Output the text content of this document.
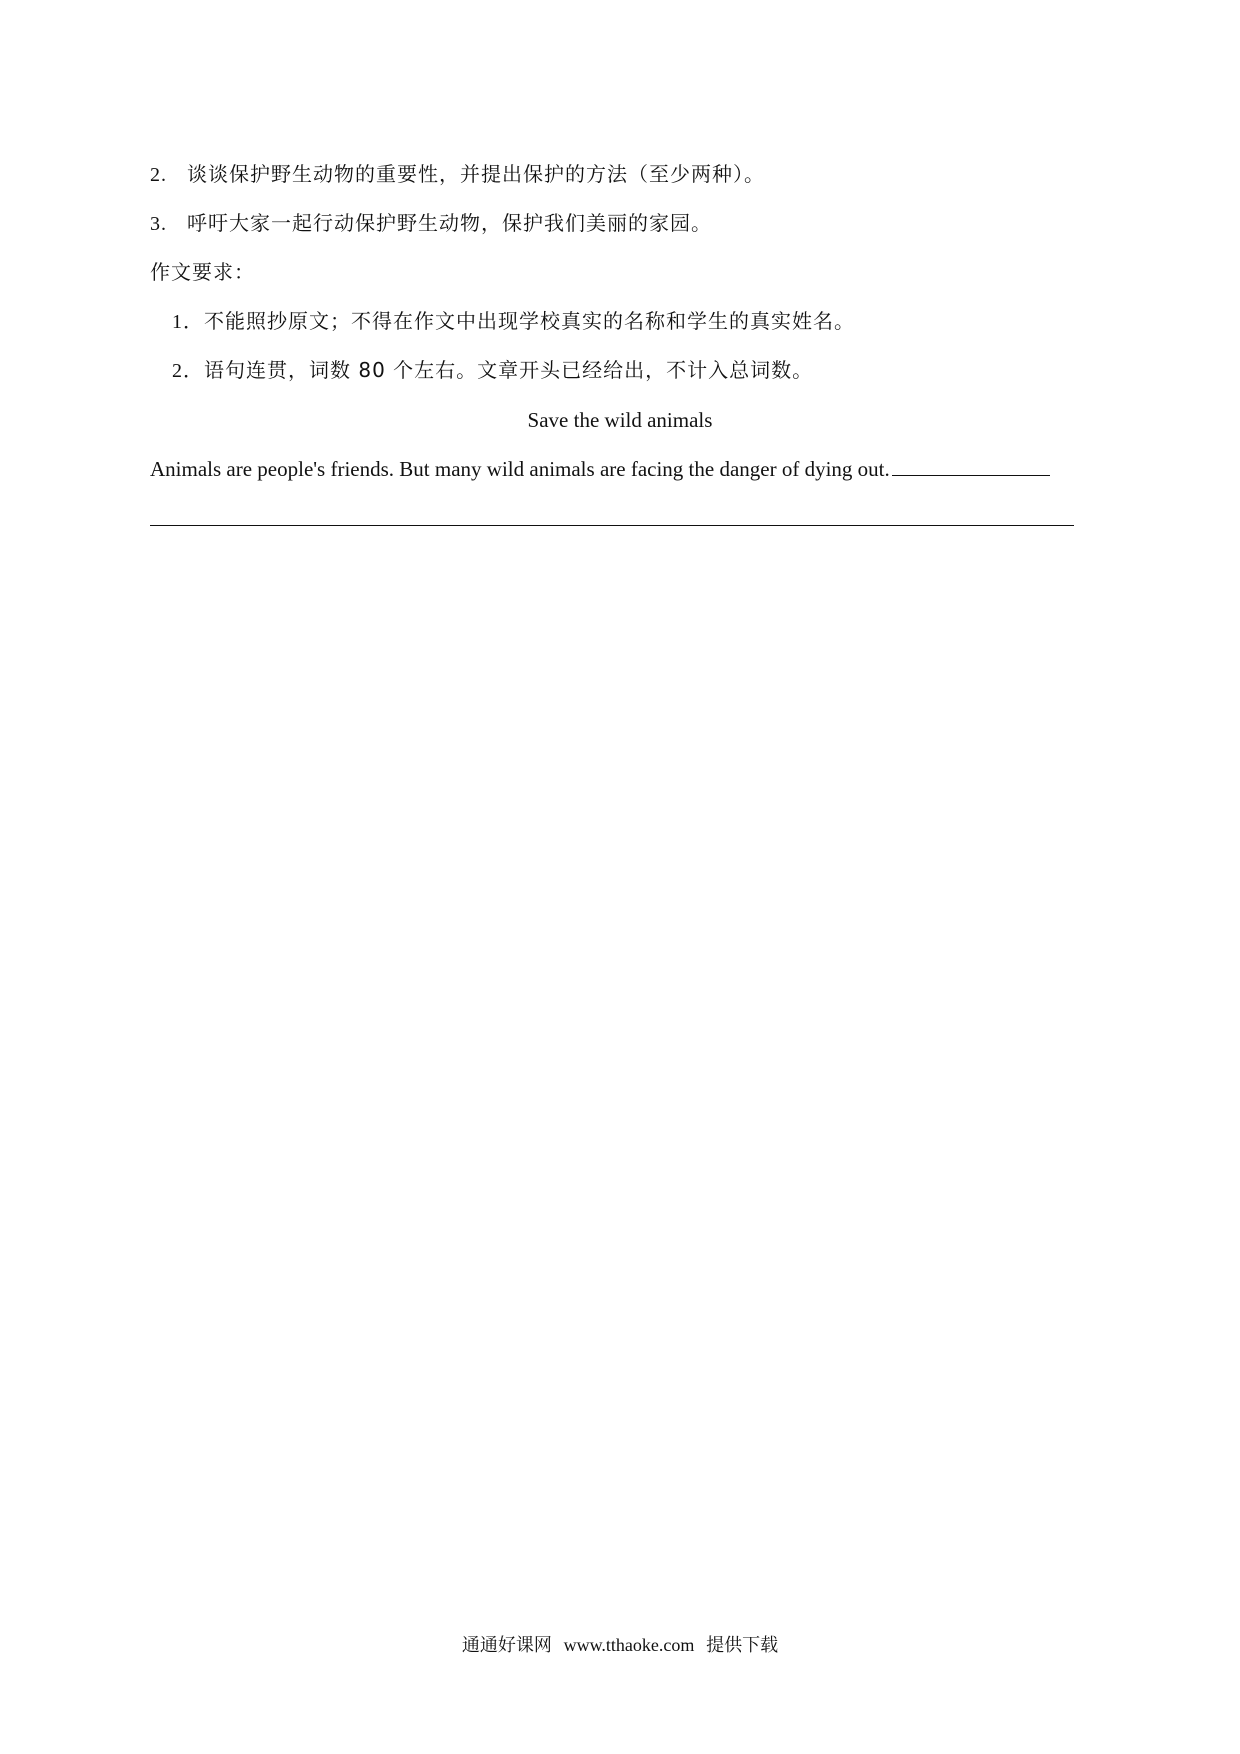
2. 谈谈保护野生动物的重要性，并提出保护的方法（至少两种）。
3. 呼吁大家一起行动保护野生动物，保护我们美丽的家园。
作文要求：
1．不能照抄原文；不得在作文中出现学校真实的名称和学生的真实姓名。
2．语句连贯，词数 80 个左右。文章开头已经给出，不计入总词数。
Save the wild animals
Animals are people's friends. But many wild animals are facing the danger of dying out.
通通好课网 www.tthaoke.com 提供下载
